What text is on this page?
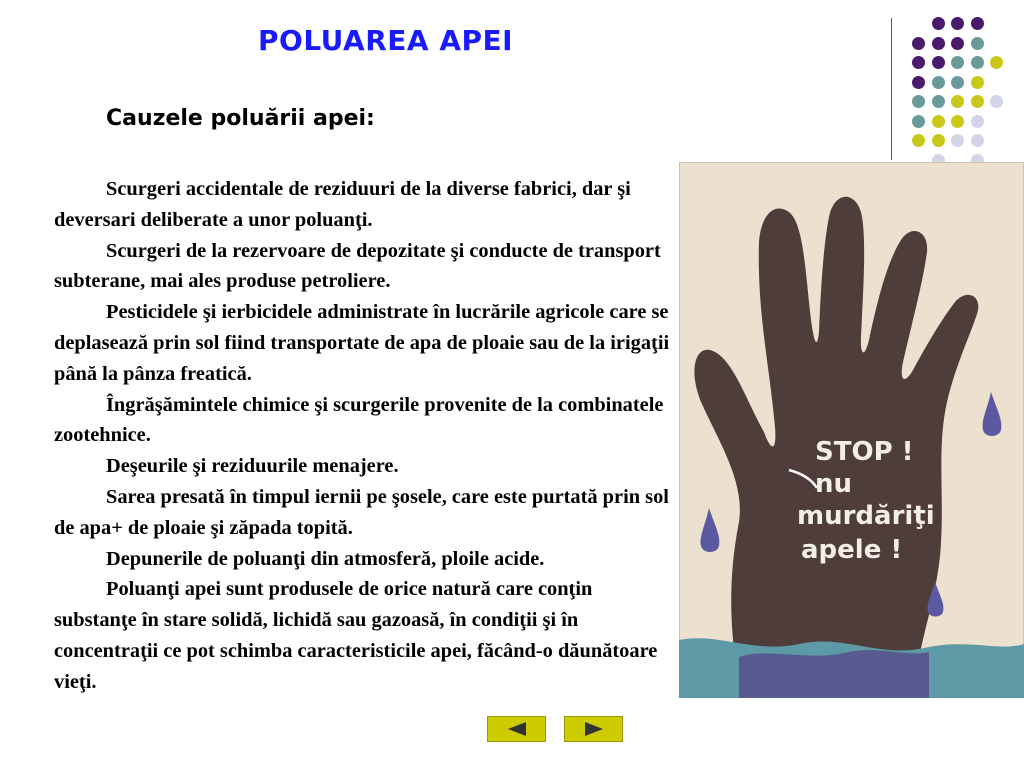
POLUAREA APEI
Cauzele poluării apei:

Scurgeri accidentale de reziduuri de la diverse fabrici, dar şi deversari deliberate a unor poluanţi.

Scurgeri de la rezervoare de depozitate şi conducte de transport subterane, mai ales produse petroliere.

Pesticidele şi ierbicidele administrate în lucrările agricole care se deplasează prin sol fiind transportate de apa de ploaie sau de la irigaţii până la pânza freatică.

Îngrăşămintele chimice şi scurgerile provenite de la combinatele zootehnice.

Deşeurile şi reziduurile menajere.

Sarea presată în timpul iernii pe şosele, care este purtată prin sol de apa+ de ploaie şi zăpada topită.

Depunerile de poluanţi din atmosferă, ploile acide.

Poluanţi apei sunt produsele de orice natură care conţin substanţe în stare solidă, lichidă sau gazoasă, în condiţii şi în concentraţii ce pot schimba caracteristicile apei, făcând-o dăunătoare vieţi.

STOP !
nu
murdăriţi
apele !
